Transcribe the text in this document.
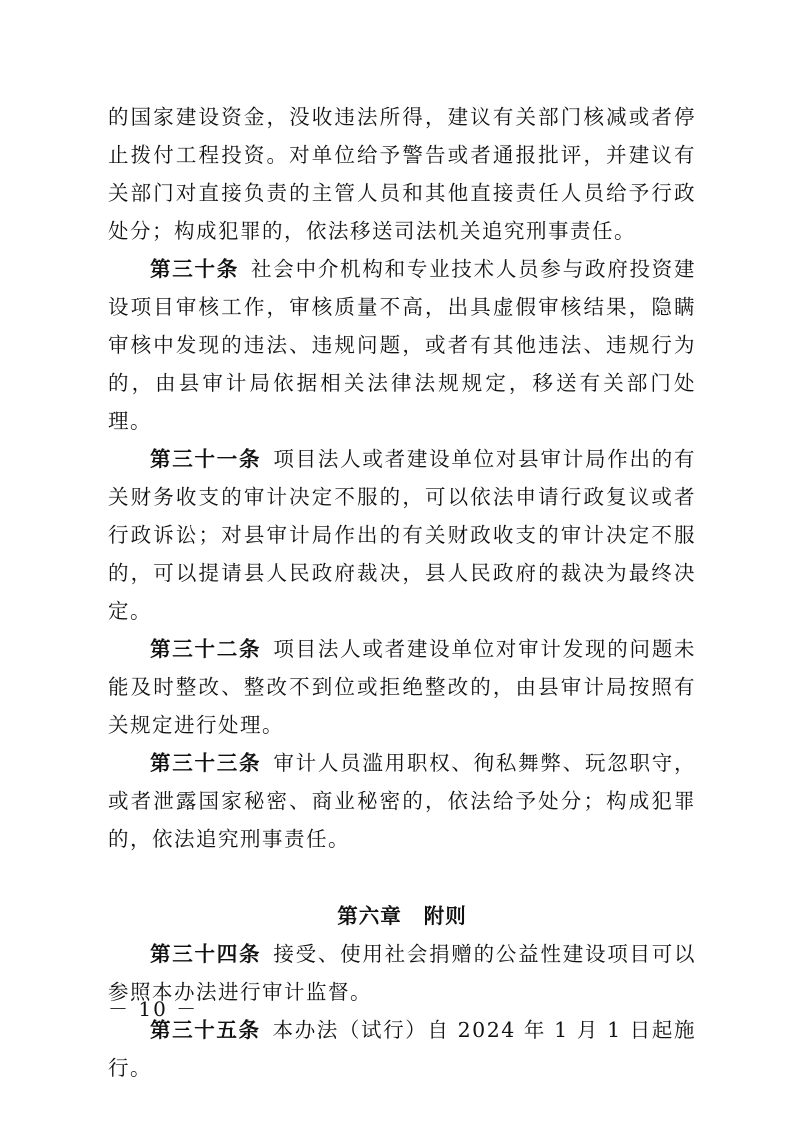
的国家建设资金，没收违法所得，建议有关部门核减或者停止拨付工程投资。对单位给予警告或者通报批评，并建议有关部门对直接负责的主管人员和其他直接责任人员给予行政处分；构成犯罪的，依法移送司法机关追究刑事责任。

第三十条 社会中介机构和专业技术人员参与政府投资建设项目审核工作，审核质量不高，出具虚假审核结果，隐瞒审核中发现的违法、违规问题，或者有其他违法、违规行为的，由县审计局依据相关法律法规规定，移送有关部门处理。

第三十一条 项目法人或者建设单位对县审计局作出的有关财务收支的审计决定不服的，可以依法申请行政复议或者行政诉讼；对县审计局作出的有关财政收支的审计决定不服的，可以提请县人民政府裁决，县人民政府的裁决为最终决定。

第三十二条 项目法人或者建设单位对审计发现的问题未能及时整改、整改不到位或拒绝整改的，由县审计局按照有关规定进行处理。

第三十三条 审计人员滥用职权、徇私舞弊、玩忽职守，或者泄露国家秘密、商业秘密的，依法给予处分；构成犯罪的，依法追究刑事责任。

第六章 附则

第三十四条 接受、使用社会捐赠的公益性建设项目可以参照本办法进行审计监督。

第三十五条 本办法（试行）自 2024 年 1 月 1 日起施行。

－ 10 －
